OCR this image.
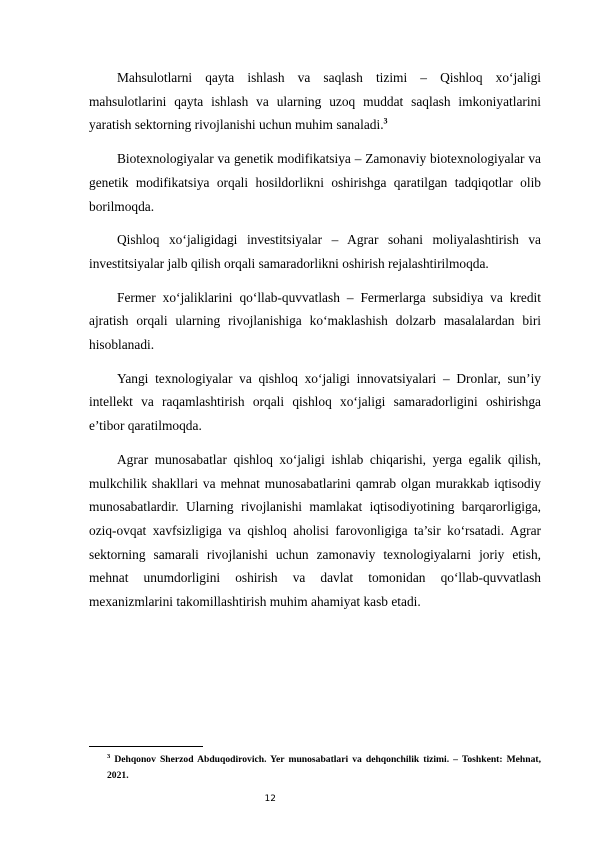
Mahsulotlarni qayta ishlash va saqlash tizimi – Qishloq xo‘jaligi mahsulotlarini qayta ishlash va ularning uzoq muddat saqlash imkoniyatlarini yaratish sektorning rivojlanishi uchun muhim sanaladi.$^3$

Biotexnologiyalar va genetik modifikatsiya – Zamonaviy biotexnologiyalar va genetik modifikatsiya orqali hosildorlikni oshirishga qaratilgan tadqiqotlar olib borilmoqda.

Qishloq xo‘jaligidagi investitsiyalar – Agrar sohani moliyalashtirish va investitsiyalar jalb qilish orqali samaradorlikni oshirish rejalashtirilmoqda.

Fermer xo‘jaliklarini qo‘llab-quvvatlash – Fermerlarga subsidiya va kredit ajratish orqali ularning rivojlanishiga ko‘maklashish dolzarb masalalardan biri hisoblanadi.

Yangi texnologiyalar va qishloq xo‘jaligi innovatsiyalari – Dronlar, sun’iy intellekt va raqamlashtirish orqali qishloq xo‘jaligi samaradorligini oshirishga e’tibor qaratilmoqda.

Agrar munosabatlar qishloq xo‘jaligi ishlab chiqarishi, yerga egalik qilish, mulkchilik shakllari va mehnat munosabatlarini qamrab olgan murakkab iqtisodiy munosabatlardir. Ularning rivojlanishi mamlakat iqtisodiyotining barqarorligiga, oziq-ovqat xavfsizligiga va qishloq aholisi farovonligiga ta’sir ko‘rsatadi. Agrar sektorning samarali rivojlanishi uchun zamonaviy texnologiyalarni joriy etish, mehnat unumdorligini oshirish va davlat tomonidan qo‘llab-quvvatlash mexanizmlarini takomillashtirish muhim ahamiyat kasb etadi.

$^3$ Dehqonov Sherzod Abduqodirovich. Yer munosabatlari va dehqonchilik tizimi. – Toshkent: Mehnat, 2021.
12
